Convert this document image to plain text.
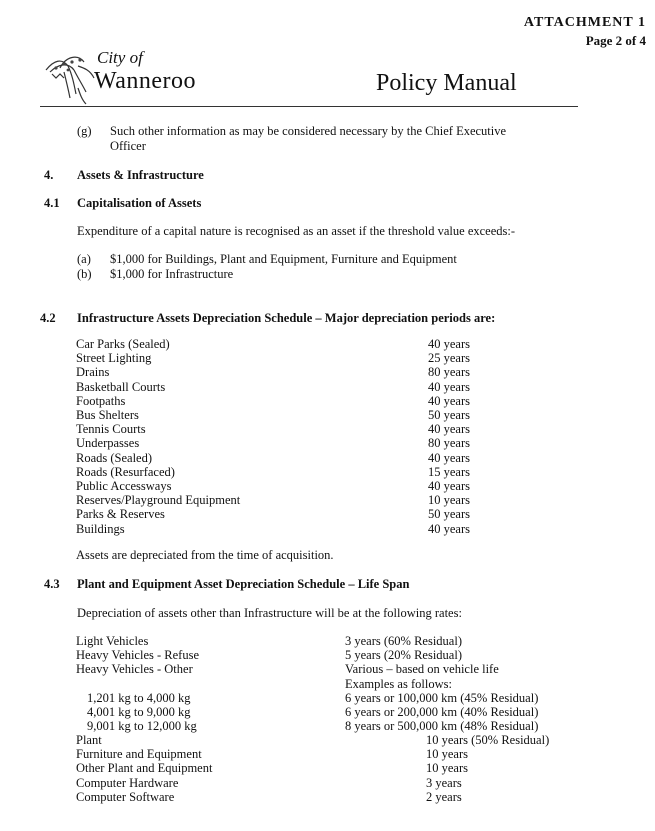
ATTACHMENT 1
Page 2 of 4
City of
Wanneroo	Policy Manual
(g) Such other information as may be considered necessary by the Chief Executive
Officer
4. Assets & Infrastructure
4.1 Capitalisation of Assets
Expenditure of a capital nature is recognised as an asset if the threshold value exceeds:-
(a) $1,000 for Buildings, Plant and Equipment, Furniture and Equipment
(b) $1,000 for Infrastructure
4.2 Infrastructure Assets Depreciation Schedule – Major depreciation periods are:
Car Parks (Sealed)
Street Lighting
Drains
Basketball Courts
Footpaths
Bus Shelters
Tennis Courts
Underpasses
Roads (Sealed)
Roads (Resurfaced)
Public Accessways
Reserves/Playground Equipment
Parks & Reserves
Buildings
40 years
25 years
80 years
40 years
40 years
50 years
40 years
80 years
40 years
15 years
40 years
10 years
50 years
40 years
Assets are depreciated from the time of acquisition.
4.3 Plant and Equipment Asset Depreciation Schedule – Life Span
Depreciation of assets other than Infrastructure will be at the following rates:
Light Vehicles
Heavy Vehicles - Refuse
Heavy Vehicles - Other

1,201 kg to 4,000 kg
4,001 kg to 9,000 kg
9,001 kg to 12,000 kg
3 years (60% Residual)
5 years (20% Residual)
Various – based on vehicle life
Examples as follows:
6 years or 100,000 km (45% Residual)
6 years or 200,000 km (40% Residual)
8 years or 500,000 km (48% Residual)
Plant
Furniture and Equipment
Other Plant and Equipment
Computer Hardware
Computer Software
10 years (50% Residual)
10 years
10 years
3 years
2 years
